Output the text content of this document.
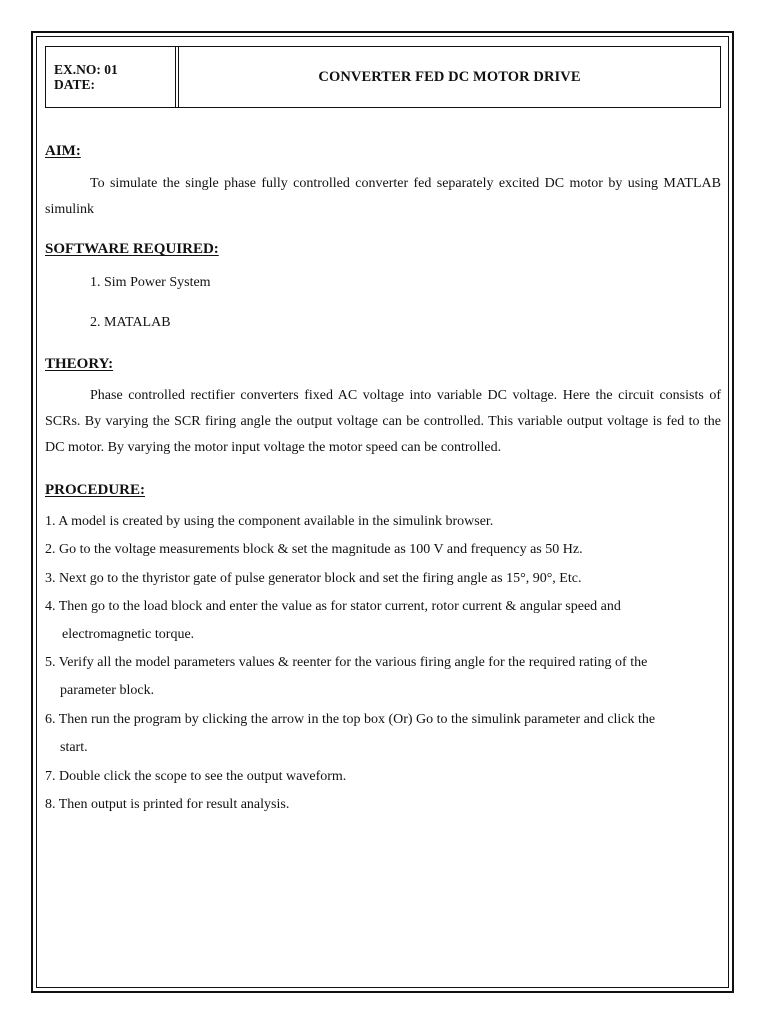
EX.NO: 01
DATE:	CONVERTER FED DC MOTOR DRIVE
AIM:
To simulate the single phase fully controlled converter fed separately excited DC motor by using MATLAB simulink
SOFTWARE REQUIRED:
1. Sim Power System
2. MATALAB
THEORY:
Phase controlled rectifier converters fixed AC voltage into variable DC voltage. Here the circuit consists of SCRs. By varying the SCR firing angle the output voltage can be controlled. This variable output voltage is fed to the DC motor. By varying the motor input voltage the motor speed can be controlled.
PROCEDURE:
1. A model is created by using the component available in the simulink browser.
2. Go to the voltage measurements block & set the magnitude as 100 V and frequency as 50 Hz.
3. Next go to the thyristor gate of pulse generator block and set the firing angle as 15°, 90°, Etc.
4. Then go to the load block and enter the value as for stator current, rotor current & angular speed and
electromagnetic torque.
5. Verify all the model parameters values & reenter for the various firing angle for the required rating of the
parameter block.
6. Then run the program by clicking the arrow in the top box (Or) Go to the simulink parameter and click the
start.
7. Double click the scope to see the output waveform.
8. Then output is printed for result analysis.
